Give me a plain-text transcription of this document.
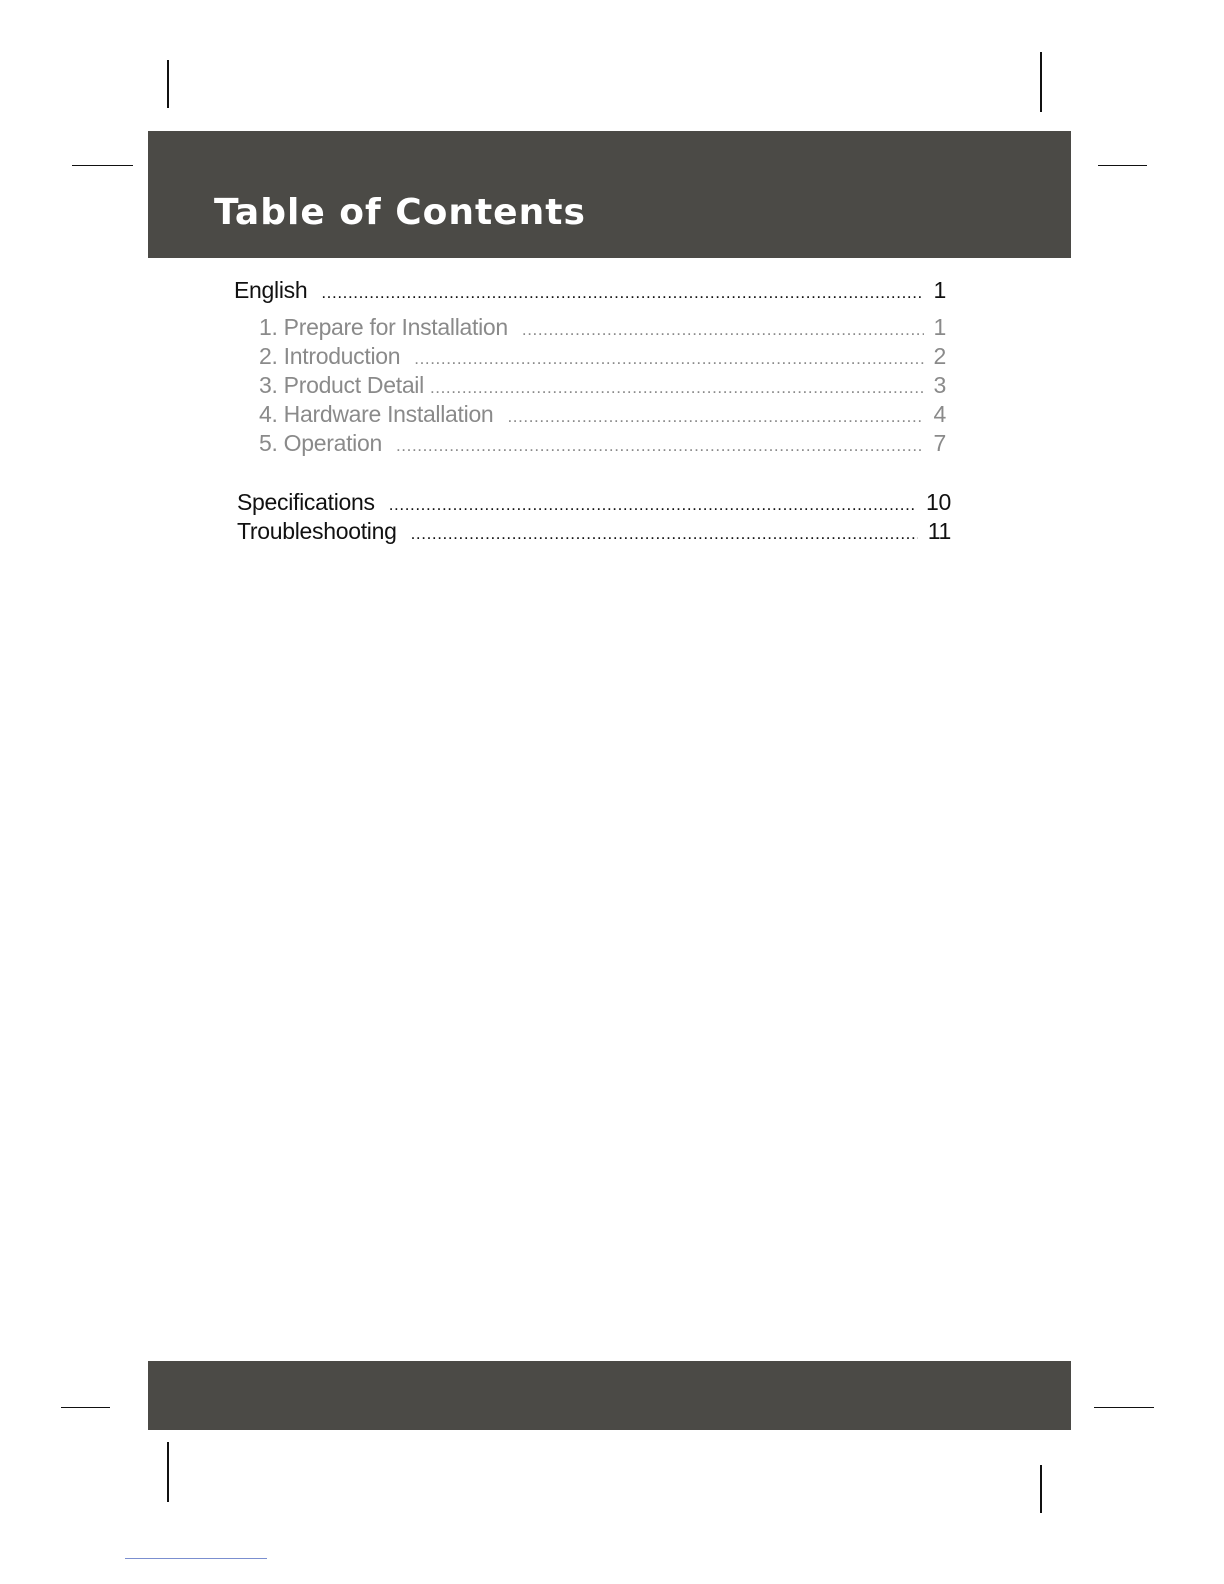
Table of Contents
English .....	1
1. Prepare for Installation .....	1
2. Introduction .....	2
3. Product Detail .....	3
4. Hardware Installation .....	4
5. Operation .....	7
Specifications .....	10
Troubleshooting .....	11
